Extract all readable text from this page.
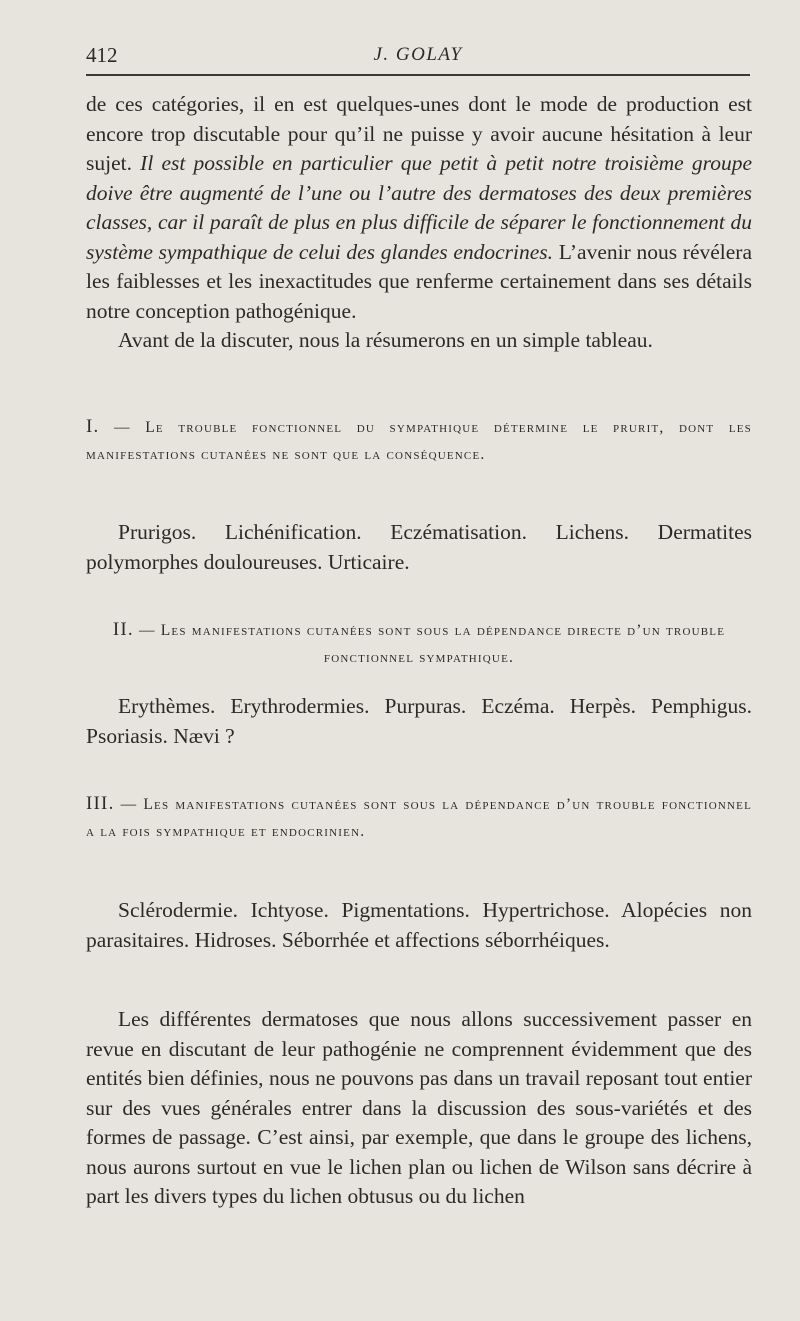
412	J. GOLAY

de ces catégories, il en est quelques-unes dont le mode de production est encore trop discutable pour qu’il ne puisse y avoir aucune hésitation à leur sujet. Il est possible en particulier que petit à petit notre troisième groupe doive être augmenté de l’une ou l’autre des dermatoses des deux premières classes, car il paraît de plus en plus difficile de séparer le fonctionnement du système sympathique de celui des glandes endocrines. L’avenir nous révélera les faiblesses et les inexactitudes que renferme certainement dans ses détails notre conception pathogénique.

Avant de la discuter, nous la résumerons en un simple tableau.

I. — Le trouble fonctionnel du sympathique détermine le prurit, dont les manifestations cutanées ne sont que la conséquence.

Prurigos. Lichénification. Eczématisation. Lichens. Dermatites polymorphes douloureuses. Urticaire.

II. — Les manifestations cutanées sont sous la dépendance directe d’un trouble fonctionnel sympathique.

Erythèmes. Erythrodermies. Purpuras. Eczéma. Herpès. Pemphigus. Psoriasis. Nævi ?

III. — Les manifestations cutanées sont sous la dépendance d’un trouble fonctionnel a la fois sympathique et endocrinien.

Sclérodermie. Ichtyose. Pigmentations. Hypertrichose. Alopécies non parasitaires. Hidroses. Séborrhée et affections séborrhéiques.

Les différentes dermatoses que nous allons successivement passer en revue en discutant de leur pathogénie ne comprennent évidemment que des entités bien définies, nous ne pouvons pas dans un travail reposant tout entier sur des vues générales entrer dans la discussion des sous-variétés et des formes de passage. C’est ainsi, par exemple, que dans le groupe des lichens, nous aurons surtout en vue le lichen plan ou lichen de Wilson sans décrire à part les divers types du lichen obtusus ou du lichen
